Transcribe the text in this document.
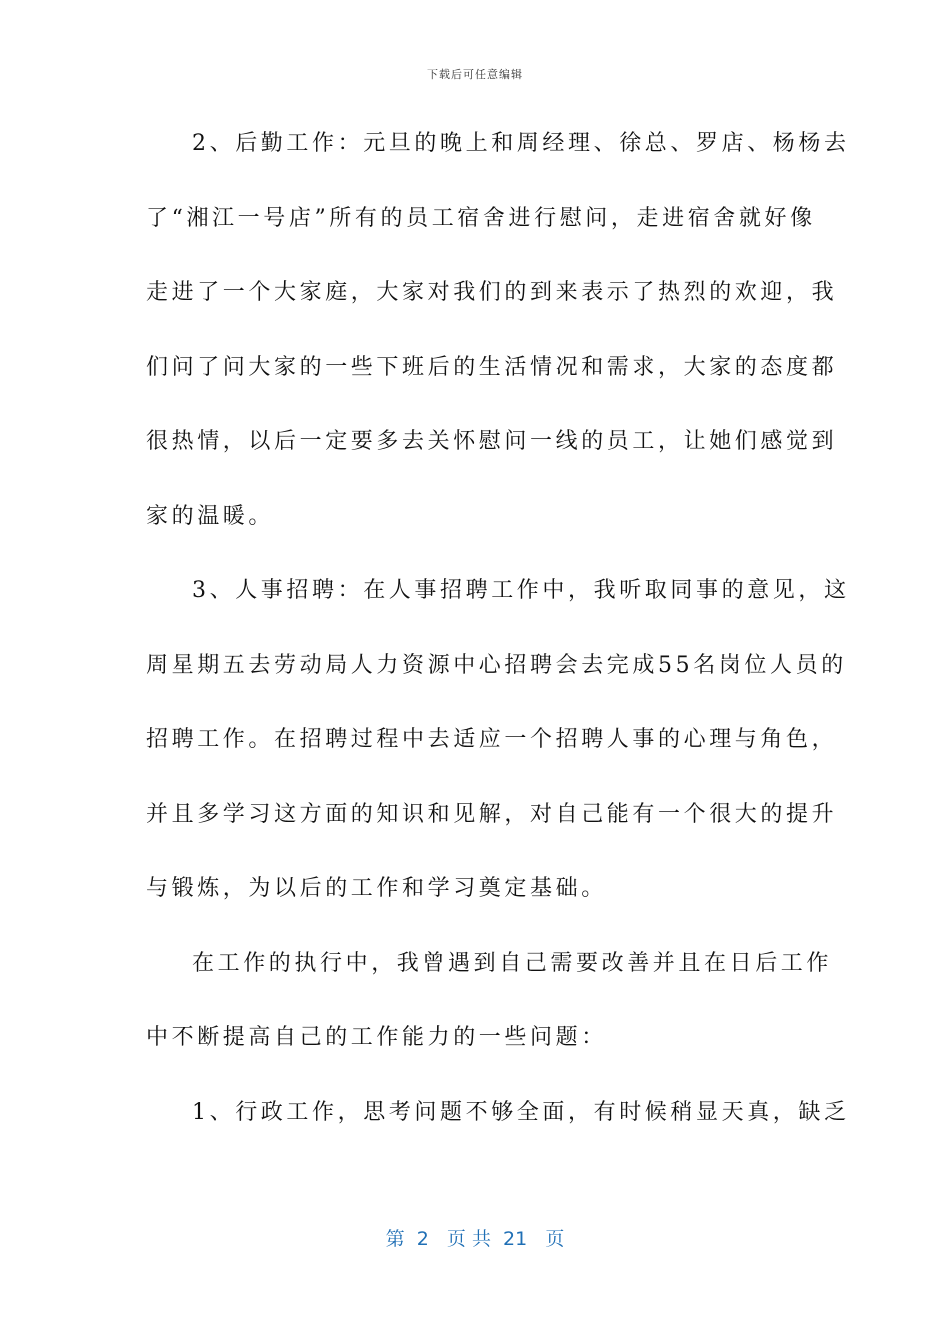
下载后可任意编辑
2、后勤工作：元旦的晚上和周经理、徐总、罗店、杨杨去
了“湘江一号店”所有的员工宿舍进行慰问，走进宿舍就好像
走进了一个大家庭，大家对我们的到来表示了热烈的欢迎，我
们问了问大家的一些下班后的生活情况和需求，大家的态度都
很热情，以后一定要多去关怀慰问一线的员工，让她们感觉到
家的温暖。
3、人事招聘：在人事招聘工作中，我听取同事的意见，这
周星期五去劳动局人力资源中心招聘会去完成55名岗位人员的
招聘工作。在招聘过程中去适应一个招聘人事的心理与角色，
并且多学习这方面的知识和见解，对自己能有一个很大的提升
与锻炼，为以后的工作和学习奠定基础。
在工作的执行中，我曾遇到自己需要改善并且在日后工作
中不断提高自己的工作能力的一些问题：
1、行政工作，思考问题不够全面，有时候稍显天真，缺乏
第  2   页 共  21   页
